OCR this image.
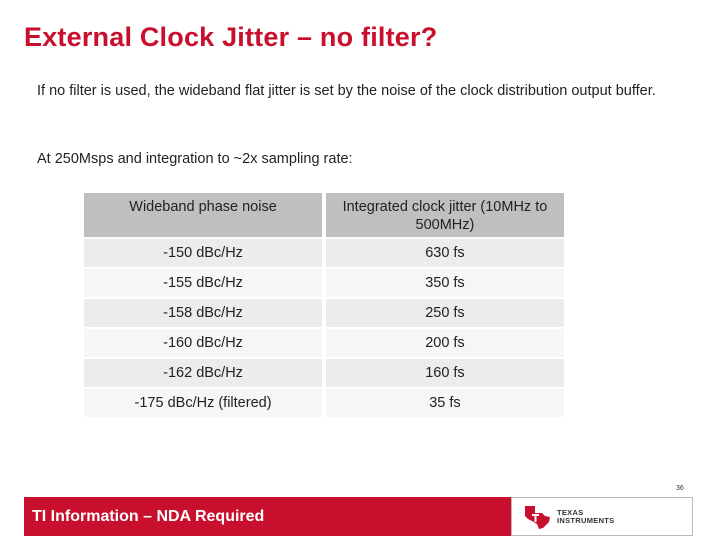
External Clock Jitter – no filter?
If no filter is used, the wideband flat jitter is set by the noise of the clock distribution output buffer.
At 250Msps and integration to ~2x sampling rate:
Wideband phase noise		Integrated clock jitter (10MHz to 500MHz)
-150 dBc/Hz		630 fs
-155 dBc/Hz		350 fs
-158 dBc/Hz		250 fs
-160 dBc/Hz		200 fs
-162 dBc/Hz		160 fs
-175 dBc/Hz (filtered)		35 fs
36
TI Information – NDA Required	TEXAS
INSTRUMENTS
